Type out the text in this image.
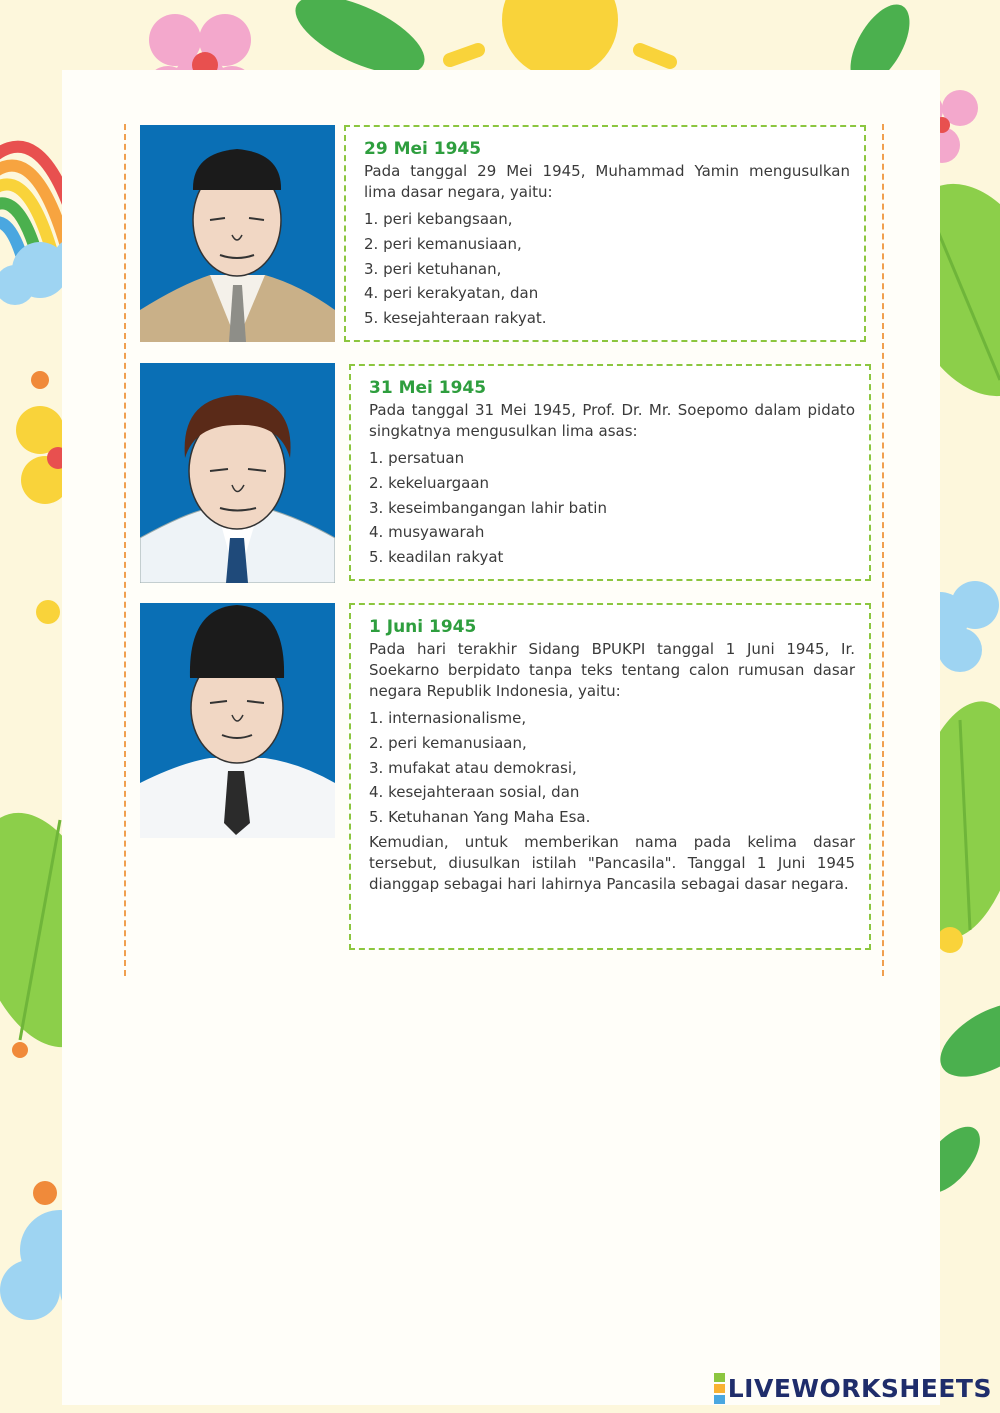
29 Mei 1945

Pada tanggal 29 Mei 1945, Muhammad Yamin mengusulkan lima dasar negara, yaitu:

1. peri kebangsaan,
2. peri kemanusiaan,
3. peri ketuhanan,
4. peri kerakyatan, dan
5. kesejahteraan rakyat.
31 Mei 1945

Pada tanggal 31 Mei 1945, Prof. Dr. Mr. Soepomo dalam pidato singkatnya mengusulkan lima asas:

1. persatuan
2. kekeluargaan
3. keseimbangangan lahir batin
4. musyawarah
5. keadilan rakyat
1 Juni 1945

Pada hari terakhir Sidang BPUKPI tanggal 1 Juni 1945, Ir. Soekarno berpidato tanpa teks tentang calon rumusan dasar negara Republik Indonesia, yaitu:

1. internasionalisme,
2. peri kemanusiaan,
3. mufakat atau demokrasi,
4. kesejahteraan sosial, dan
5. Ketuhanan Yang Maha Esa.

Kemudian, untuk memberikan nama pada kelima dasar tersebut, diusulkan istilah "Pancasila". Tanggal 1 Juni 1945 dianggap sebagai hari lahirnya Pancasila sebagai dasar negara.

LIVEWORKSHEETS
